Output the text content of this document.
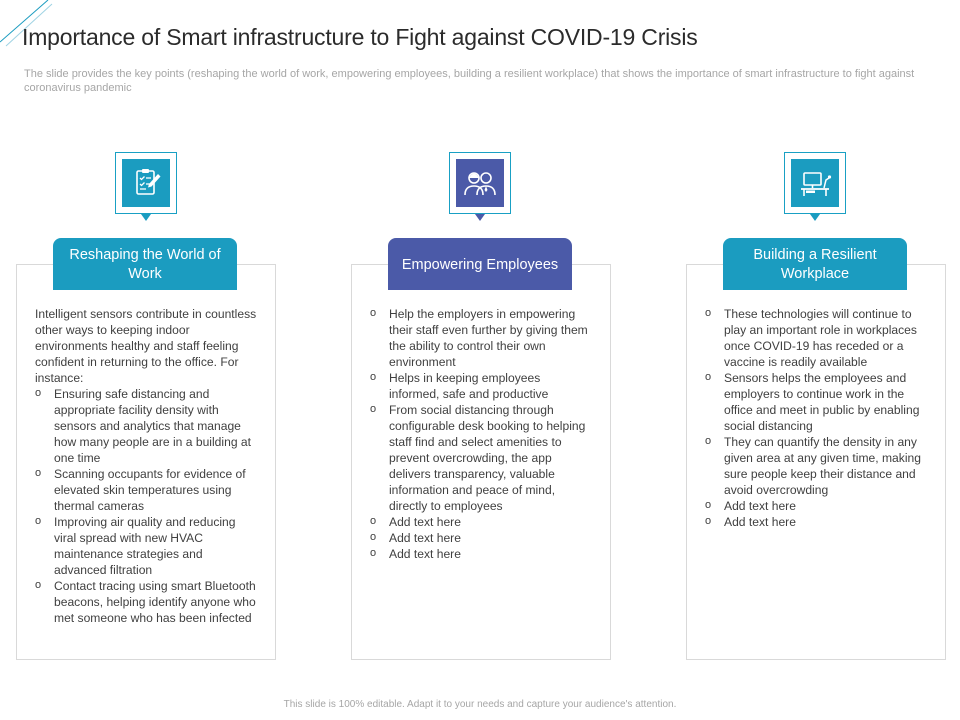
Importance of Smart infrastructure to Fight against COVID-19 Crisis
The slide provides the key points (reshaping the world of work, empowering employees, building a resilient workplace) that shows the importance of smart infrastructure to fight against coronavirus pandemic
Reshaping the World of Work

Intelligent sensors contribute in countless other ways to keeping indoor environments healthy and staff feeling confident in returning to the office. For instance:

o Ensuring safe distancing and appropriate facility density with sensors and analytics that manage how many people are in a building at one time
o Scanning occupants for evidence of elevated skin temperatures using thermal cameras
o Improving air quality and reducing viral spread with new HVAC maintenance strategies and advanced filtration
o Contact tracing using smart Bluetooth beacons, helping identify anyone who met someone who has been infected
Empowering Employees
o Help the employers in empowering their staff even further by giving them the ability to control their own environment
o Helps in keeping employees informed, safe and productive
o From social distancing through configurable desk booking to helping staff find and select amenities to prevent overcrowding, the app delivers transparency, valuable information and peace of mind, directly to employees
o Add text here
o Add text here
o Add text here
Building a Resilient Workplace
o These technologies will continue to play an important role in workplaces once COVID-19 has receded or a vaccine is readily available
o Sensors helps the employees and employers to continue work in the office and meet in public by enabling social distancing
o They can quantify the density in any given area at any given time, making sure people keep their distance and avoid overcrowding
o Add text here
o Add text here
This slide is 100% editable. Adapt it to your needs and capture your audience's attention.
